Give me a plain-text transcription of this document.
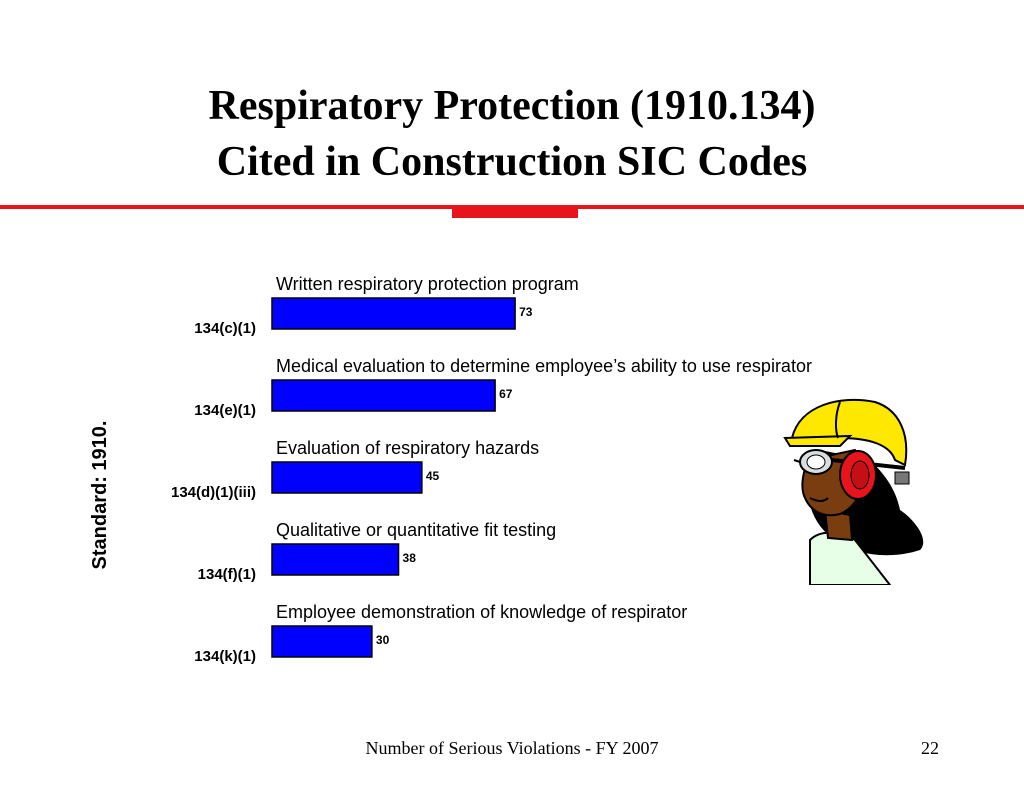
Respiratory Protection (1910.134)
Cited in Construction SIC Codes
Standard: 1910.
Written respiratory protection program
73
134(c)(1)
Medical evaluation to determine employee’s ability to use respirator
67
134(e)(1)
Evaluation of respiratory hazards
45
134(d)(1)(iii)
Qualitative or quantitative fit testing
38
134(f)(1)
Employee demonstration of knowledge of respirator
30
134(k)(1)
Number of Serious Violations - FY 2007	22
